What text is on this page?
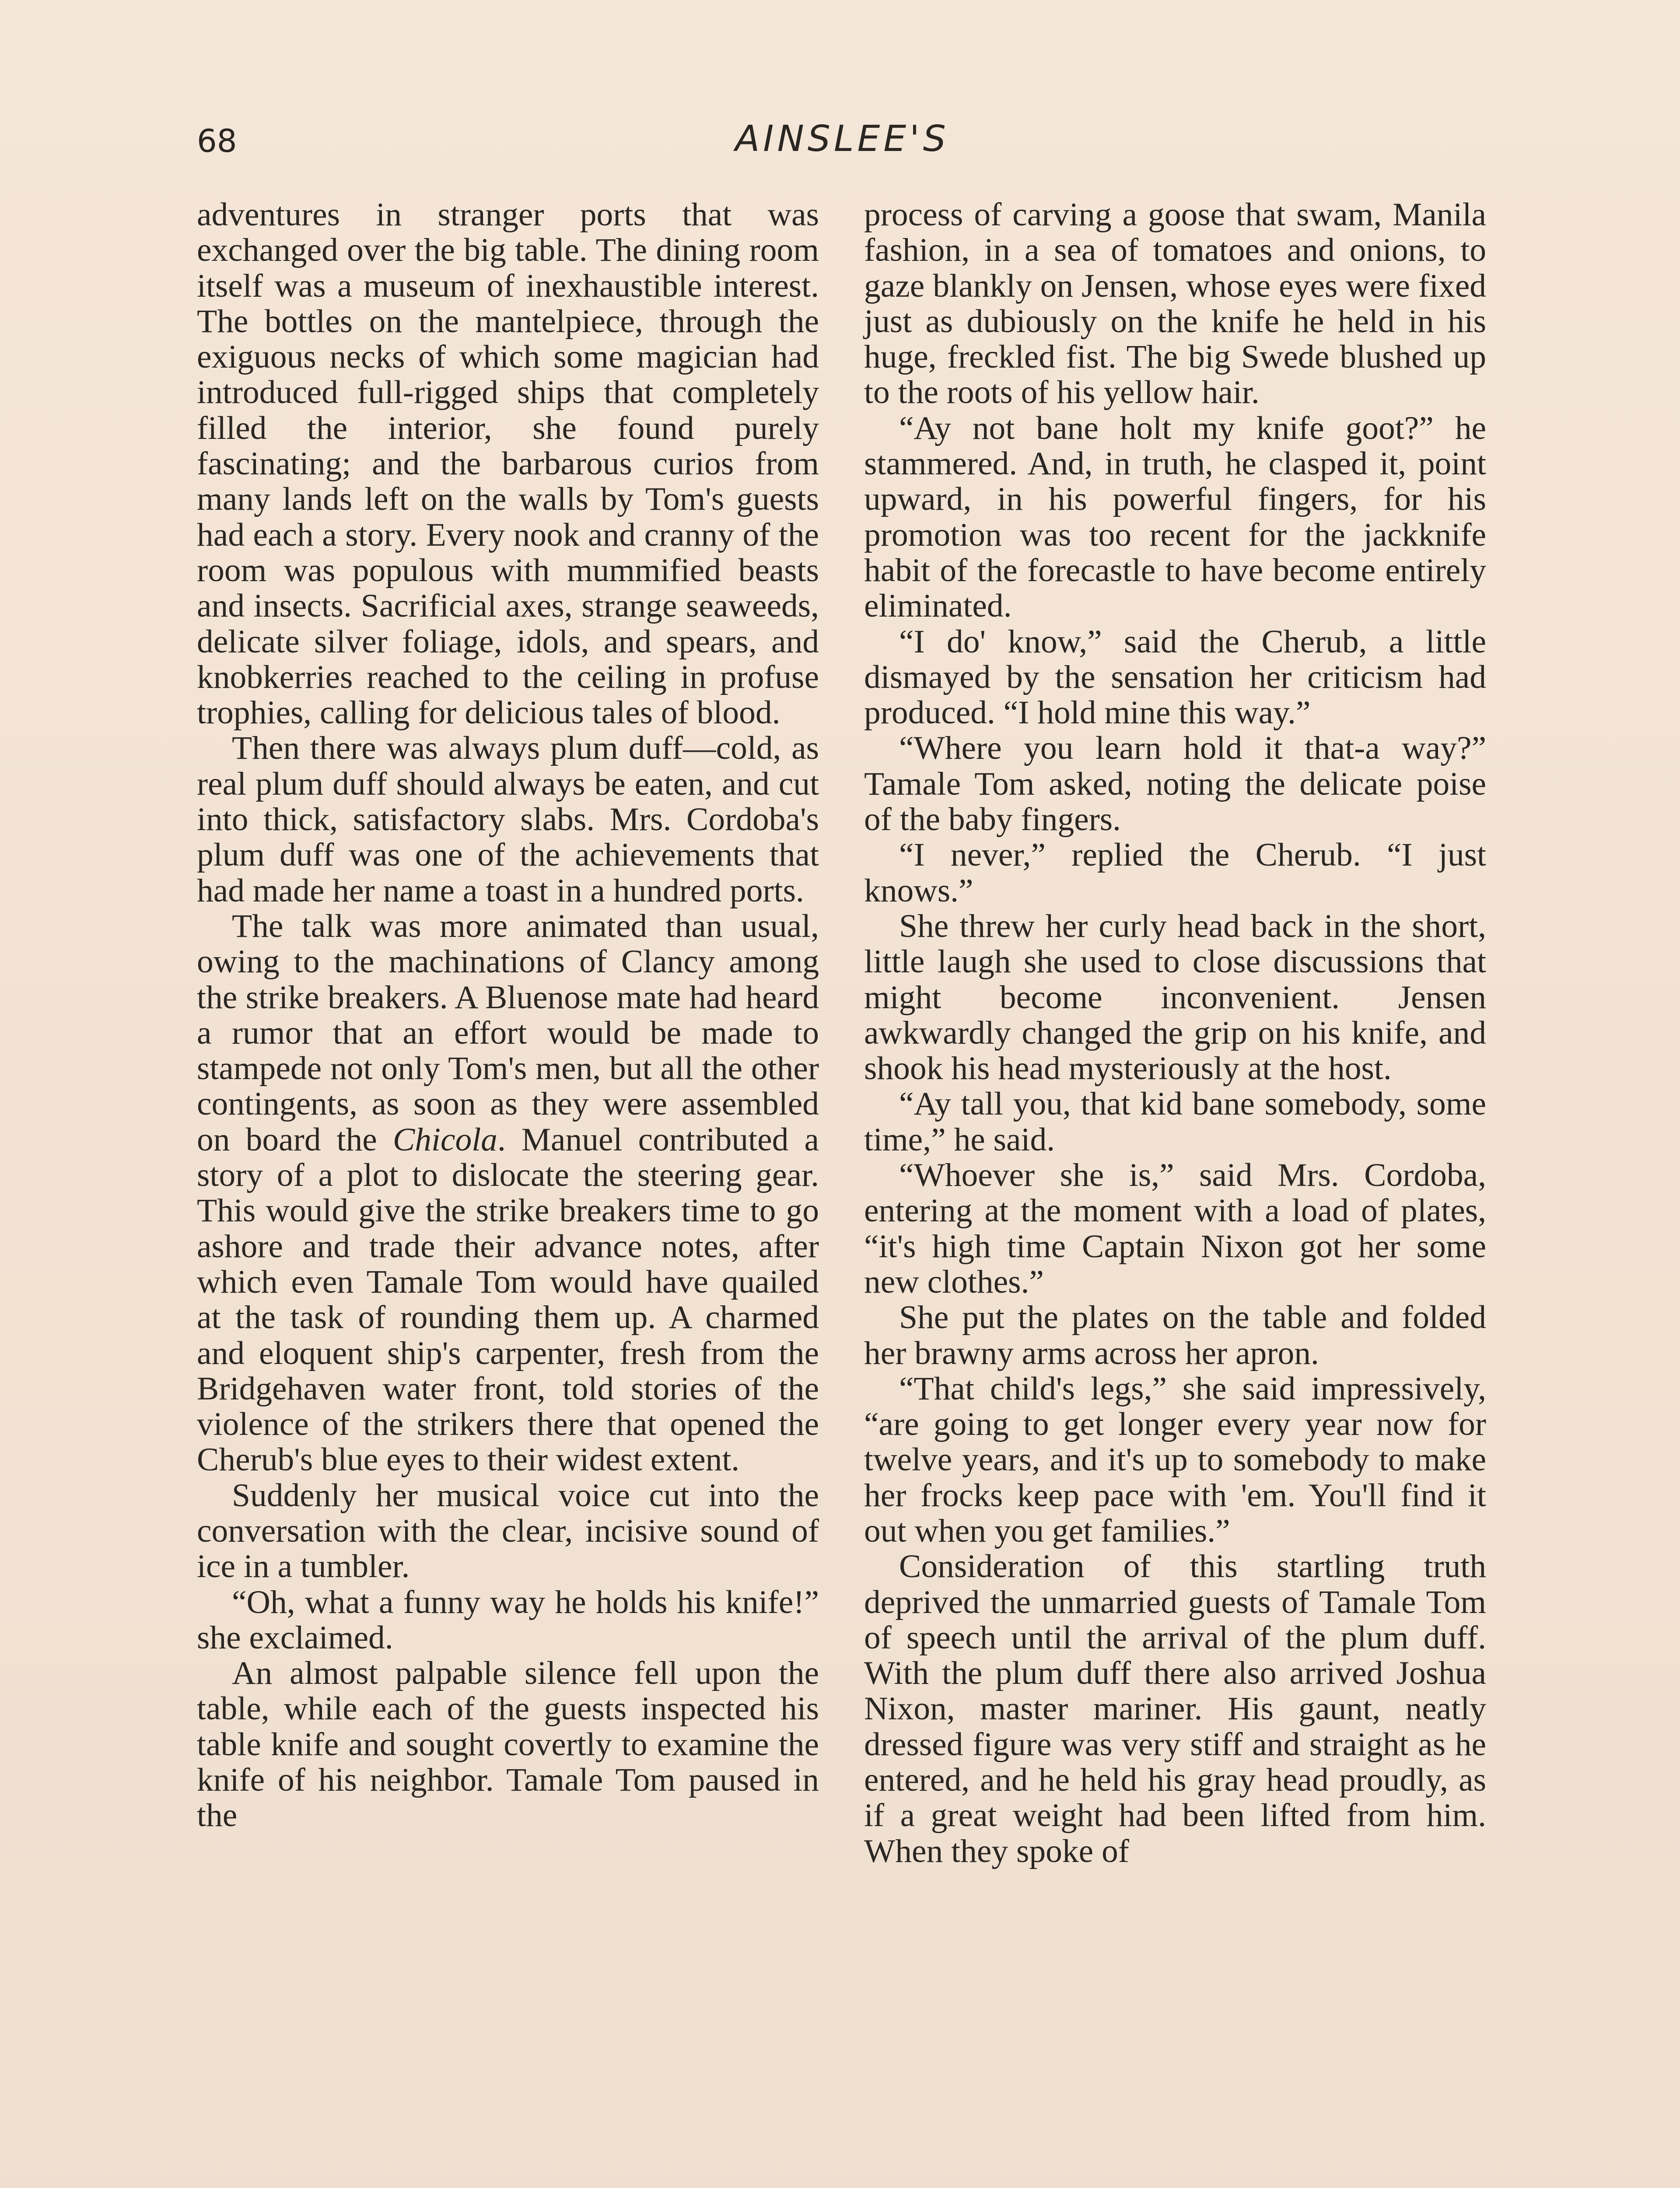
68	AINSLEE'S

adventures in stranger ports that was exchanged over the big table. The dining room itself was a museum of inexhaustible interest. The bottles on the mantelpiece, through the exiguous necks of which some magician had introduced full-rigged ships that completely filled the interior, she found purely fascinating; and the barbarous curios from many lands left on the walls by Tom's guests had each a story. Every nook and cranny of the room was populous with mummified beasts and insects. Sacrificial axes, strange seaweeds, delicate silver foliage, idols, and spears, and knobkerries reached to the ceiling in profuse trophies, calling for delicious tales of blood.

Then there was always plum duff—cold, as real plum duff should always be eaten, and cut into thick, satisfactory slabs. Mrs. Cordoba's plum duff was one of the achievements that had made her name a toast in a hundred ports.

The talk was more animated than usual, owing to the machinations of Clancy among the strike breakers. A Bluenose mate had heard a rumor that an effort would be made to stampede not only Tom's men, but all the other contingents, as soon as they were assembled on board the Chicola. Manuel contributed a story of a plot to dislocate the steering gear. This would give the strike breakers time to go ashore and trade their advance notes, after which even Tamale Tom would have quailed at the task of rounding them up. A charmed and eloquent ship's carpenter, fresh from the Bridgehaven water front, told stories of the violence of the strikers there that opened the Cherub's blue eyes to their widest extent.

Suddenly her musical voice cut into the conversation with the clear, incisive sound of ice in a tumbler.

“Oh, what a funny way he holds his knife!” she exclaimed.

An almost palpable silence fell upon the table, while each of the guests inspected his table knife and sought covertly to examine the knife of his neighbor. Tamale Tom paused in the

process of carving a goose that swam, Manila fashion, in a sea of tomatoes and onions, to gaze blankly on Jensen, whose eyes were fixed just as dubiously on the knife he held in his huge, freckled fist. The big Swede blushed up to the roots of his yellow hair.

“Ay not bane holt my knife goot?” he stammered. And, in truth, he clasped it, point upward, in his powerful fingers, for his promotion was too recent for the jackknife habit of the forecastle to have become entirely eliminated.

“I do' know,” said the Cherub, a little dismayed by the sensation her criticism had produced. “I hold mine this way.”

“Where you learn hold it that-a way?” Tamale Tom asked, noting the delicate poise of the baby fingers.

“I never,” replied the Cherub. “I just knows.”

She threw her curly head back in the short, little laugh she used to close discussions that might become inconvenient. Jensen awkwardly changed the grip on his knife, and shook his head mysteriously at the host.

“Ay tall you, that kid bane somebody, some time,” he said.

“Whoever she is,” said Mrs. Cordoba, entering at the moment with a load of plates, “it's high time Captain Nixon got her some new clothes.”

She put the plates on the table and folded her brawny arms across her apron.

“That child's legs,” she said impressively, “are going to get longer every year now for twelve years, and it's up to somebody to make her frocks keep pace with 'em. You'll find it out when you get families.”

Consideration of this startling truth deprived the unmarried guests of Tamale Tom of speech until the arrival of the plum duff. With the plum duff there also arrived Joshua Nixon, master mariner. His gaunt, neatly dressed figure was very stiff and straight as he entered, and he held his gray head proudly, as if a great weight had been lifted from him. When they spoke of
